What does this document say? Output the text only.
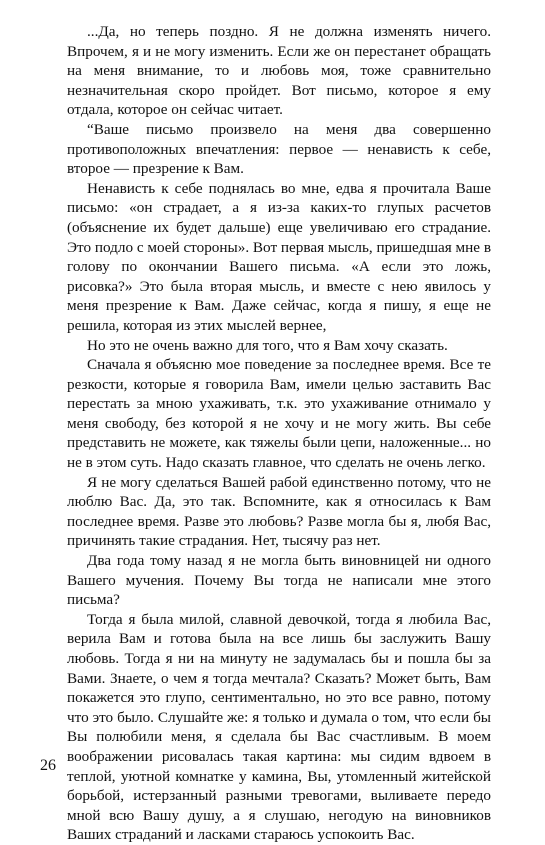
...Да, но теперь поздно. Я не должна изменять ничего. Впрочем, я и не могу изменить. Если же он перестанет обращать на меня внимание, то и любовь моя, тоже сравнительно незначительная скоро пройдет. Вот письмо, которое я ему отдала, которое он сейчас читает.

“Ваше письмо произвело на меня два совершенно противоположных впечатления: первое — ненависть к себе, второе — презрение к Вам.

Ненависть к себе поднялась во мне, едва я прочитала Ваше письмо: «он страдает, а я из-за каких-то глупых расчетов (объяснение их будет дальше) еще увеличиваю его страдание. Это подло с моей стороны». Вот первая мысль, пришедшая мне в голову по окончании Вашего письма. «А если это ложь, рисовка?» Это была вторая мысль, и вместе с нею явилось у меня презрение к Вам. Даже сейчас, когда я пишу, я еще не решила, которая из этих мыслей вернее,

Но это не очень важно для того, что я Вам хочу сказать.

Сначала я объясню мое поведение за последнее время. Все те резкости, которые я говорила Вам, имели целью заставить Вас перестать за мною ухаживать, т.к. это ухаживание отнимало у меня свободу, без которой я не хочу и не могу жить. Вы себе представить не можете, как тяжелы были цепи, наложенные... но не в этом суть. Надо сказать главное, что сделать не очень легко.

Я не могу сделаться Вашей рабой единственно потому, что не люблю Вас. Да, это так. Вспомните, как я относилась к Вам последнее время. Разве это любовь? Разве могла бы я, любя Вас, причинять такие страдания. Нет, тысячу раз нет.

Два года тому назад я не могла быть виновницей ни одного Вашего мучения. Почему Вы тогда не написали мне этого письма?

Тогда я была милой, славной девочкой, тогда я любила Вас, верила Вам и готова была на все лишь бы заслужить Вашу любовь. Тогда я ни на минуту не задумалась бы и пошла бы за Вами. Знаете, о чем я тогда мечтала? Сказать? Может быть, Вам покажется это глупо, сентиментально, но это все равно, потому что это было. Слушайте же: я только и думала о том, что если бы Вы полюбили меня, я сделала бы Вас счастливым. В моем воображении рисовалась такая картина: мы сидим вдвоем в теплой, уютной комнатке у камина, Вы, утомленный житейской борьбой, истерзанный разными тревогами, выливаете передо мной всю Вашу душу, а я слушаю, негодую на виновников Ваших страданий и ласками стараюсь успокоить Вас.

26
